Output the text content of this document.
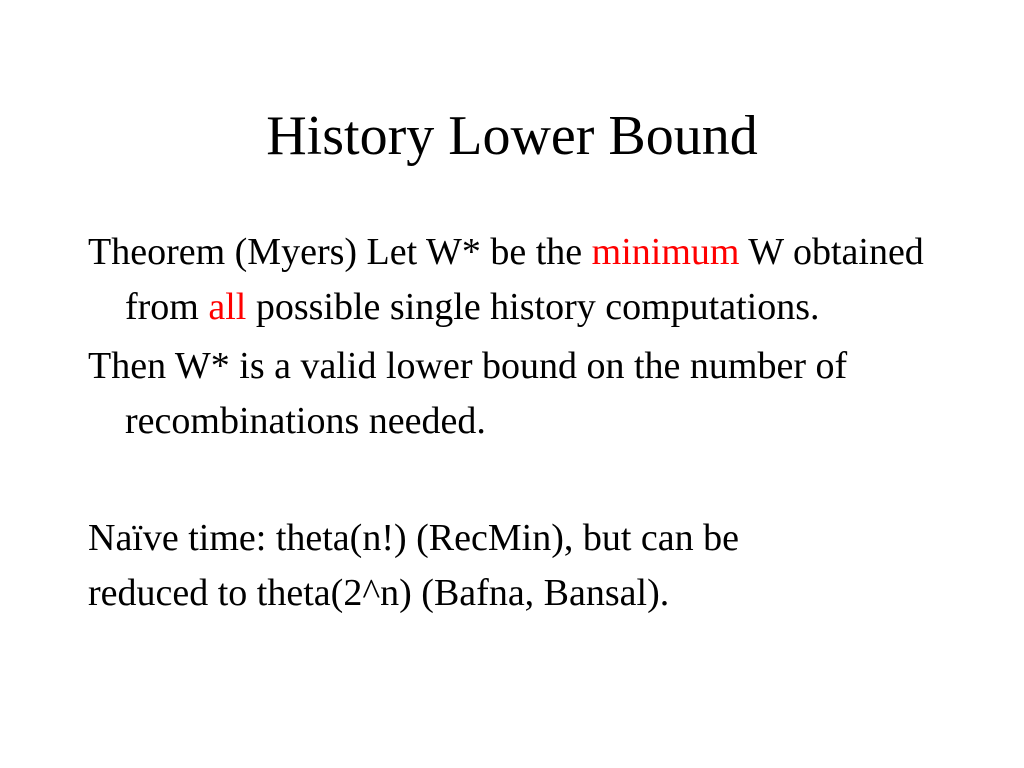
History Lower Bound

Theorem (Myers) Let W* be the minimum W obtained from all possible single history computations.

Then W* is a valid lower bound on the number of recombinations needed.

Naïve time: theta(n!) (RecMin), but can be

reduced to theta(2^n) (Bafna, Bansal).
